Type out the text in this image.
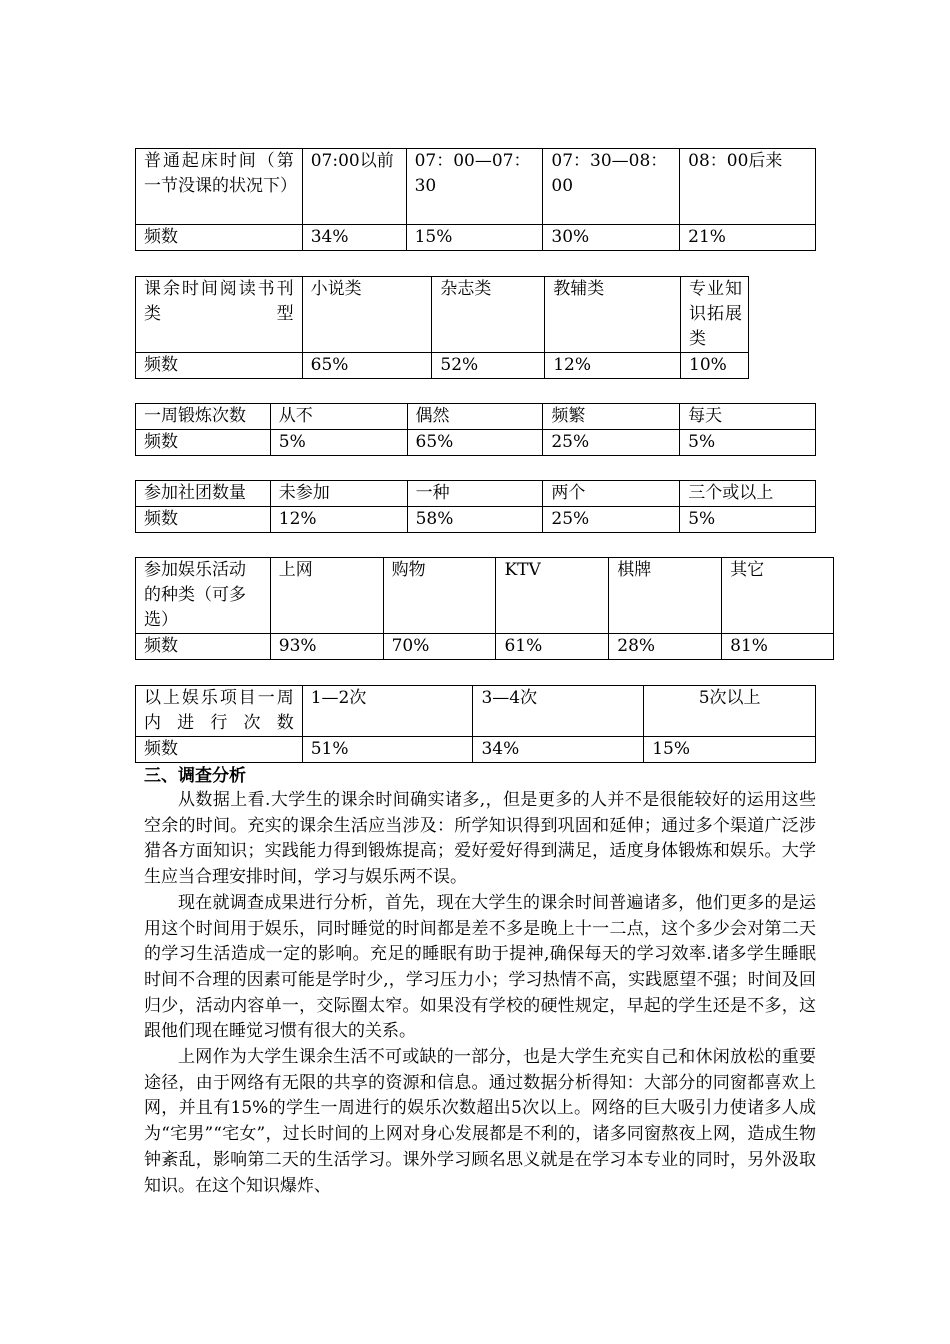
普通起床时间（第一节没课的状况下）	07:00以前	07：00—07：30	07：30—08：00	08：00后来
频数	34%	15%	30%	21%
课余时间阅读书刊类型	小说类	杂志类	教辅类	专业知识拓展类
频数	65%	52%	12%	10%
一周锻炼次数	从不	偶然	频繁	每天
频数	5%	65%	25%	5%
参加社团数量	未参加	一种	两个	三个或以上
频数	12%	58%	25%	5%
参加娱乐活动的种类（可多选）	上网	购物	KTV	棋牌	其它
频数	93%	70%	61%	28%	81%
以上娱乐项目一周内进行次数	1—2次	3—4次	5次以上
频数	51%	34%	15%
三、调查分析

从数据上看.大学生的课余时间确实诸多,，但是更多的人并不是很能较好的运用这些空余的时间。充实的课余生活应当涉及：所学知识得到巩固和延伸；通过多个渠道广泛涉猎各方面知识；实践能力得到锻炼提高；爱好爱好得到满足，适度身体锻炼和娱乐。大学生应当合理安排时间，学习与娱乐两不误。

现在就调查成果进行分析，首先，现在大学生的课余时间普遍诸多，他们更多的是运用这个时间用于娱乐，同时睡觉的时间都是差不多是晚上十一二点，这个多少会对第二天的学习生活造成一定的影响。充足的睡眠有助于提神,确保每天的学习效率.诸多学生睡眠时间不合理的因素可能是学时少,，学习压力小；学习热情不高，实践愿望不强；时间及回归少，活动内容单一，交际圈太窄。如果没有学校的硬性规定，早起的学生还是不多，这跟他们现在睡觉习惯有很大的关系。

上网作为大学生课余生活不可或缺的一部分，也是大学生充实自己和休闲放松的重要途径，由于网络有无限的共享的资源和信息。通过数据分析得知：大部分的同窗都喜欢上网，并且有15%的学生一周进行的娱乐次数超出5次以上。网络的巨大吸引力使诸多人成为“宅男”“宅女”，过长时间的上网对身心发展都是不利的，诸多同窗熬夜上网，造成生物钟紊乱，影响第二天的生活学习。课外学习顾名思义就是在学习本专业的同时，另外汲取知识。在这个知识爆炸、
